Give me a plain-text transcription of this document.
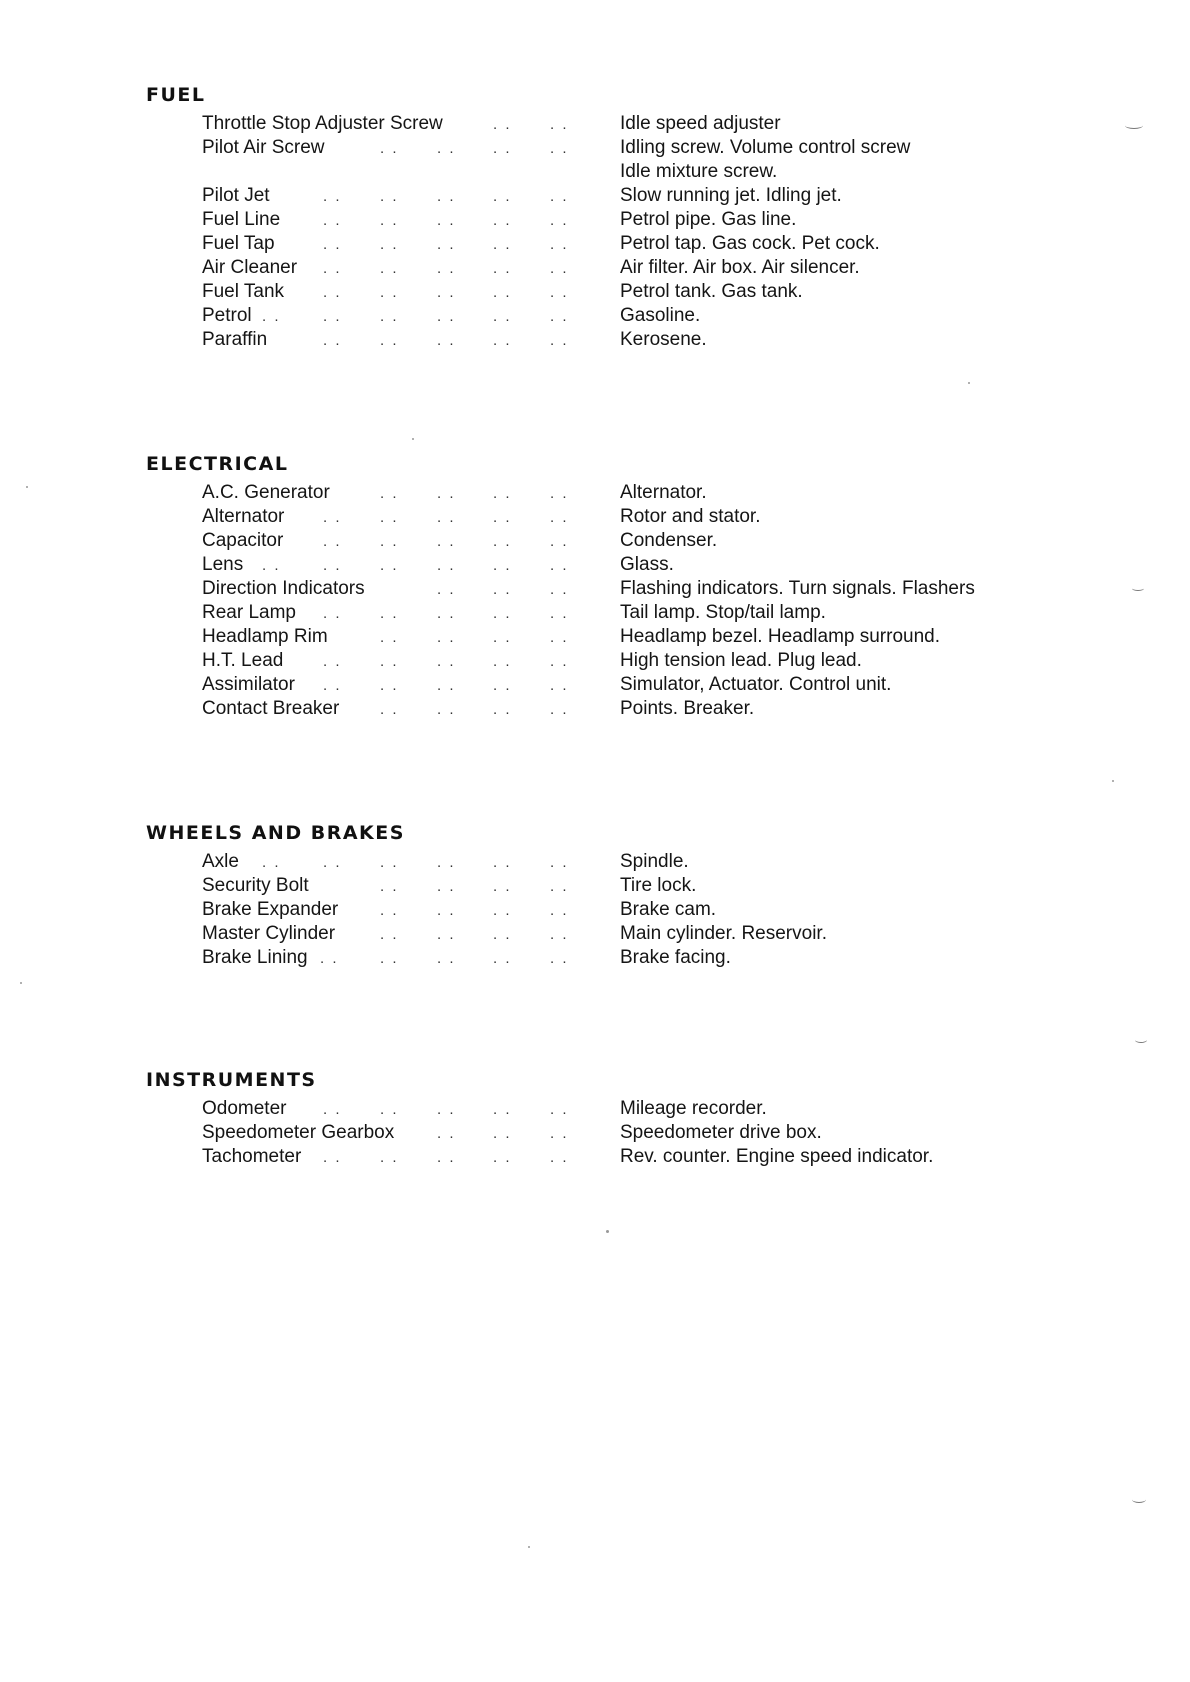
FUEL
Throttle Stop Adjuster Screw	. .	. .	Idle speed adjuster
Pilot Air Screw	. .	. . . .	. .	Idling screw. Volume control screw
Idle mixture screw.
Pilot Jet	. .	. .	. . . .	. .	Slow running jet. Idling jet.
Fuel Line	. .	. .	. . . .	. .	Petrol pipe. Gas line.
Fuel Tap	. .	. .	. . . .	. .	Petrol tap. Gas cock. Pet cock.
Air Cleaner . .	. .	. . . .	. .	Air filter. Air box. Air silencer.
Fuel Tank	. .	. .	. . . .	. .	Petrol tank. Gas tank.
Petrol . .	. .	. .	. . . .	. .	Gasoline.
Paraffin	. .	. .	. . . .	. .	Kerosene.
ELECTRICAL
A.C. Generator	. .	. . . .	. .	Alternator.
Alternator	. .	. .	. . . .	. .	Rotor and stator.
Capacitor	. .	. .	. . . .	. .	Condenser.
Lens . .	. .	. .	. . . .	. .	Glass.
Direction Indicators	. . . .	. .	Flashing indicators. Turn signals. Flashers
Rear Lamp . .	. .	. . . .	. .	Tail lamp. Stop/tail lamp.
Headlamp Rim	. .	. . . .	. .	Headlamp bezel. Headlamp surround.
H.T. Lead	. .	. .	. . . .	. .	High tension lead. Plug lead.
Assimilator . .	. .	. . . .	. .	Simulator, Actuator. Control unit.
Contact Breaker	. .	. . . .	. .	Points. Breaker.
WHEELS AND BRAKES
Axle . .	. .	. .	. . . .	. .	Spindle.
Security Bolt	. .	. . . .	. .	Tire lock.
Brake Expander	. .	. . . .	. .	Brake cam.
Master Cylinder	. .	. . . .	. .	Main cylinder. Reservoir.
Brake Lining . .	. .	. . . .	. .	Brake facing.
INSTRUMENTS
Odometer . .	. .	. . . .	. .	Mileage recorder.
Speedometer Gearbox	. . . .	. .	Speedometer drive box.
Tachometer . .	. .	. . . .	. .	Rev. counter. Engine speed indicator.
